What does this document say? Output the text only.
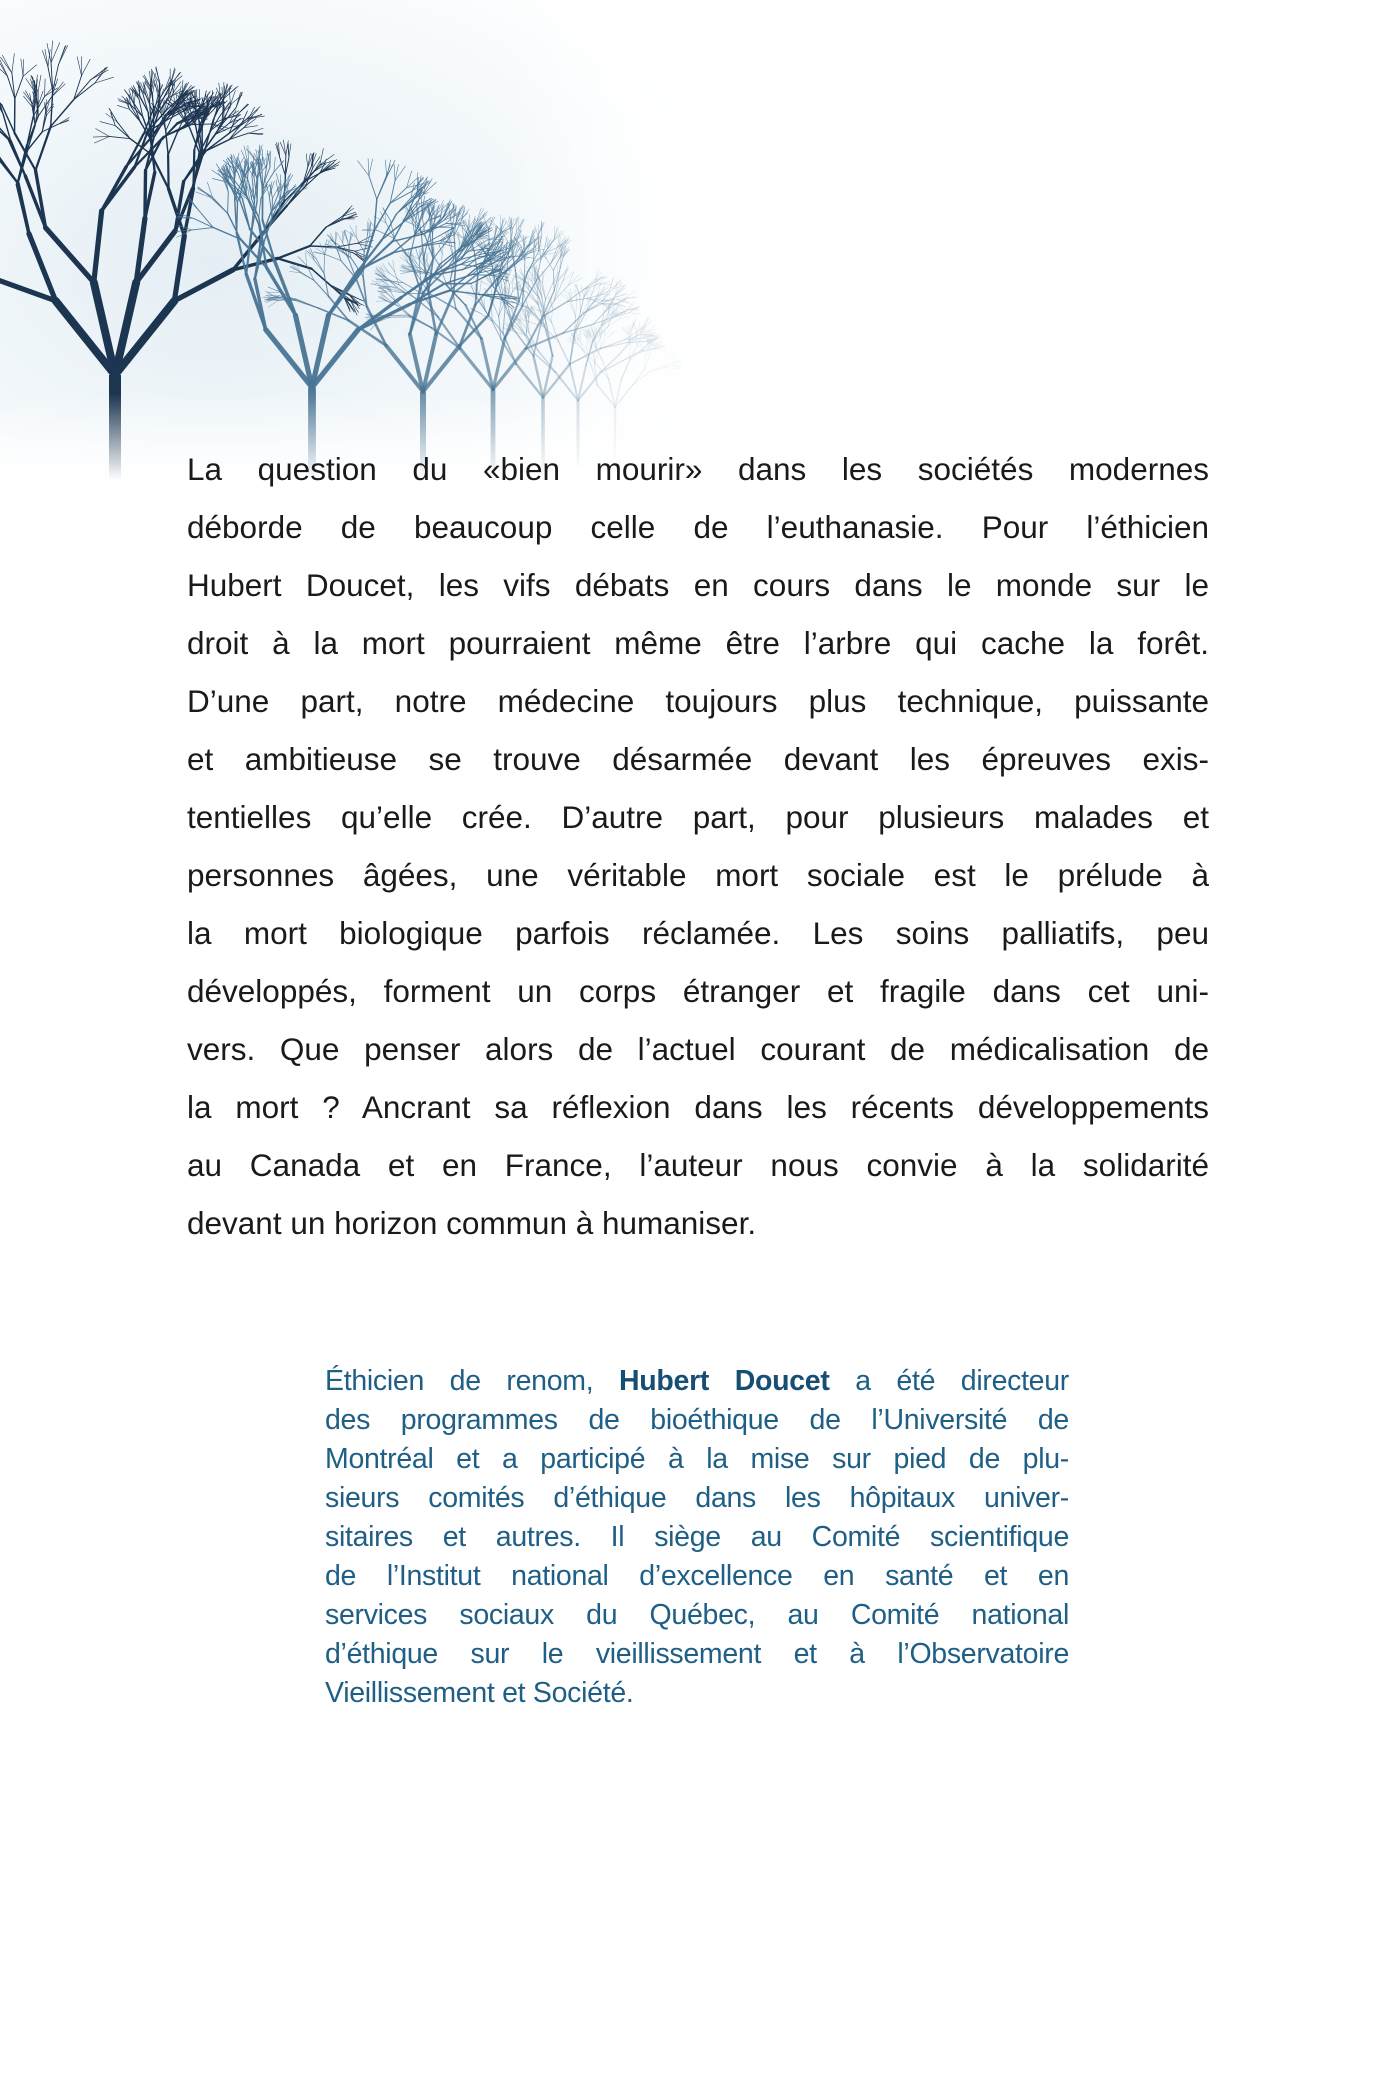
La question du «bien mourir» dans les sociétés modernes
déborde de beaucoup celle de l’euthanasie. Pour l’éthicien
Hubert Doucet, les vifs débats en cours dans le monde sur le
droit à la mort pourraient même être l’arbre qui cache la forêt.
D’une part, notre médecine toujours plus technique, puissante
et ambitieuse se trouve désarmée devant les épreuves exis-
tentielles qu’elle crée. D’autre part, pour plusieurs malades et
personnes âgées, une véritable mort sociale est le prélude à
la mort biologique parfois réclamée. Les soins palliatifs, peu
développés, forment un corps étranger et fragile dans cet uni-
vers. Que penser alors de l’actuel courant de médicalisation de
la mort ? Ancrant sa réflexion dans les récents développements
au Canada et en France, l’auteur nous convie à la solidarité
devant un horizon commun à humaniser.
Éthicien de renom, Hubert Doucet a été directeur
des programmes de bioéthique de l’Université de
Montréal et a participé à la mise sur pied de plu-
sieurs comités d’éthique dans les hôpitaux univer-
sitaires et autres. Il siège au Comité scientifique
de l’Institut national d’excellence en santé et en
services sociaux du Québec, au Comité national
d’éthique sur le vieillissement et à l’Observatoire
Vieillissement et Société.
